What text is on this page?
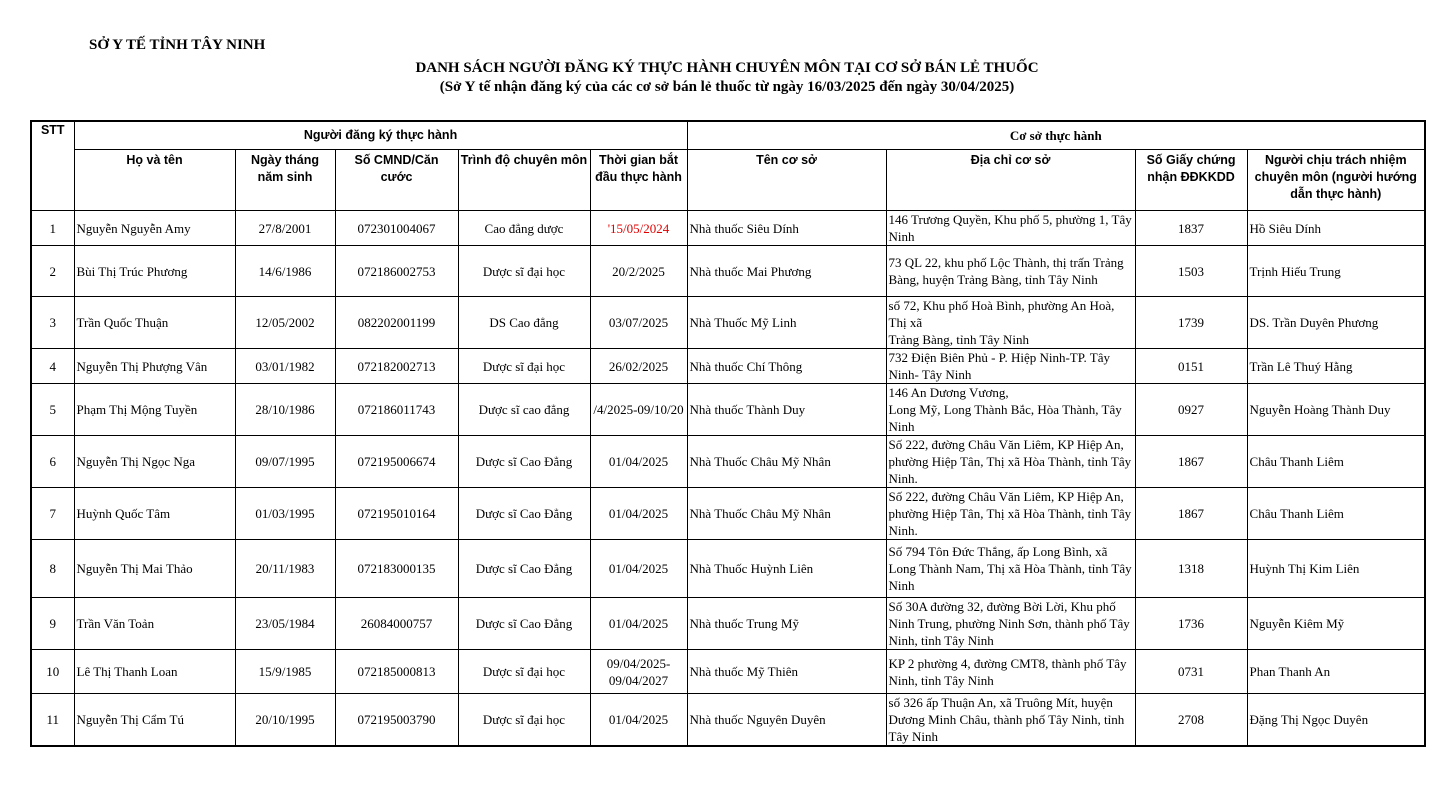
SỞ Y TẾ TỈNH TÂY NINH
DANH SÁCH NGƯỜI ĐĂNG KÝ THỰC HÀNH CHUYÊN MÔN TẠI CƠ SỞ BÁN LẺ THUỐC
(Sở Y tế nhận đăng ký của các cơ sở bán lẻ thuốc từ ngày 16/03/2025 đến ngày 30/04/2025)
STT	Người đăng ký thực hành					Cơ sở thực hành			
	Họ và tên	Ngày tháng năm sinh	Số CMND/Căn cước	Trình độ chuyên môn	Thời gian bắt đầu thực hành	Tên cơ sở	Địa chỉ cơ sở	Số Giấy chứng nhận ĐĐKKDD	Người chịu trách nhiệm chuyên môn (người hướng dẫn thực hành)
1	Nguyễn Nguyễn Amy	27/8/2001	072301004067	Cao đẳng dược	'15/05/2024	Nhà thuốc Siêu Dính	146 Trương Quyền, Khu phố 5, phường 1, Tây Ninh	1837	Hồ Siêu Dính
2	Bùi Thị Trúc Phương	14/6/1986	072186002753	Dược sĩ đại học	20/2/2025	Nhà thuốc Mai Phương	73 QL 22, khu phố Lộc Thành, thị trấn Trảng Bàng, huyện Trảng Bàng, tỉnh Tây Ninh	1503	Trịnh Hiếu Trung
3	Trần Quốc Thuận	12/05/2002	082202001199	DS Cao đẳng	03/07/2025	Nhà Thuốc Mỹ Linh	số 72, Khu phố Hoà Bình, phường An Hoà, Thị xã
Trảng Bàng, tỉnh Tây Ninh	1739	DS. Trần Duyên Phương
4	Nguyễn Thị Phượng Vân	03/01/1982	072182002713	Dược sĩ đại học	26/02/2025	Nhà thuốc Chí Thông	732 Điện Biên Phủ - P. Hiệp Ninh-TP. Tây Ninh- Tây Ninh	0151	Trần Lê Thuý Hằng
5	Phạm Thị Mộng Tuyền	28/10/1986	072186011743	Dược sĩ cao đẳng	/4/2025-09/10/20	Nhà thuốc Thành Duy	146 An Dương Vương,
Long Mỹ, Long Thành Bắc, Hòa Thành, Tây Ninh	0927	Nguyễn Hoàng Thành Duy
6	Nguyễn Thị Ngọc Nga	09/07/1995	072195006674	Dược sĩ Cao Đẳng	01/04/2025	Nhà Thuốc Châu Mỹ Nhân	Số 222, đường Châu Văn Liêm, KP Hiệp An, phường Hiệp Tân, Thị xã Hòa Thành, tỉnh Tây Ninh.	1867	Châu Thanh Liêm
7	Huỳnh Quốc Tâm	01/03/1995	072195010164	Dược sĩ Cao Đẳng	01/04/2025	Nhà Thuốc Châu Mỹ Nhân	Số 222, đường Châu Văn Liêm, KP Hiệp An, phường Hiệp Tân, Thị xã Hòa Thành, tỉnh Tây Ninh.	1867	Châu Thanh Liêm
8	Nguyễn Thị Mai Thảo	20/11/1983	072183000135	Dược sĩ Cao Đẳng	01/04/2025	Nhà Thuốc Huỳnh Liên	Số 794 Tôn Đức Thắng, ấp Long Bình, xã Long Thành Nam, Thị xã Hòa Thành, tỉnh Tây Ninh	1318	Huỳnh Thị Kim Liên
9	Trần Văn Toản	23/05/1984	26084000757	Dược sĩ Cao Đẳng	01/04/2025	Nhà thuốc Trung Mỹ	Số 30A đường 32, đường Bời Lời, Khu phố Ninh Trung, phường Ninh Sơn, thành phố Tây Ninh, tỉnh Tây Ninh	1736	Nguyễn Kiêm Mỹ
10	Lê Thị Thanh Loan	15/9/1985	072185000813	Dược sĩ đại học	09/04/2025-
09/04/2027	Nhà thuốc Mỹ Thiên	KP 2 phường 4, đường CMT8, thành phố Tây Ninh, tỉnh Tây Ninh	0731	Phan Thanh An
11	Nguyễn Thị Cẩm Tú	20/10/1995	072195003790	Dược sĩ đại học	01/04/2025	Nhà thuốc Nguyên Duyên	số 326 ấp Thuận An, xã Truông Mít, huyện Dương Minh Châu, thành phố Tây Ninh, tỉnh Tây Ninh	2708	Đặng Thị Ngọc Duyên
